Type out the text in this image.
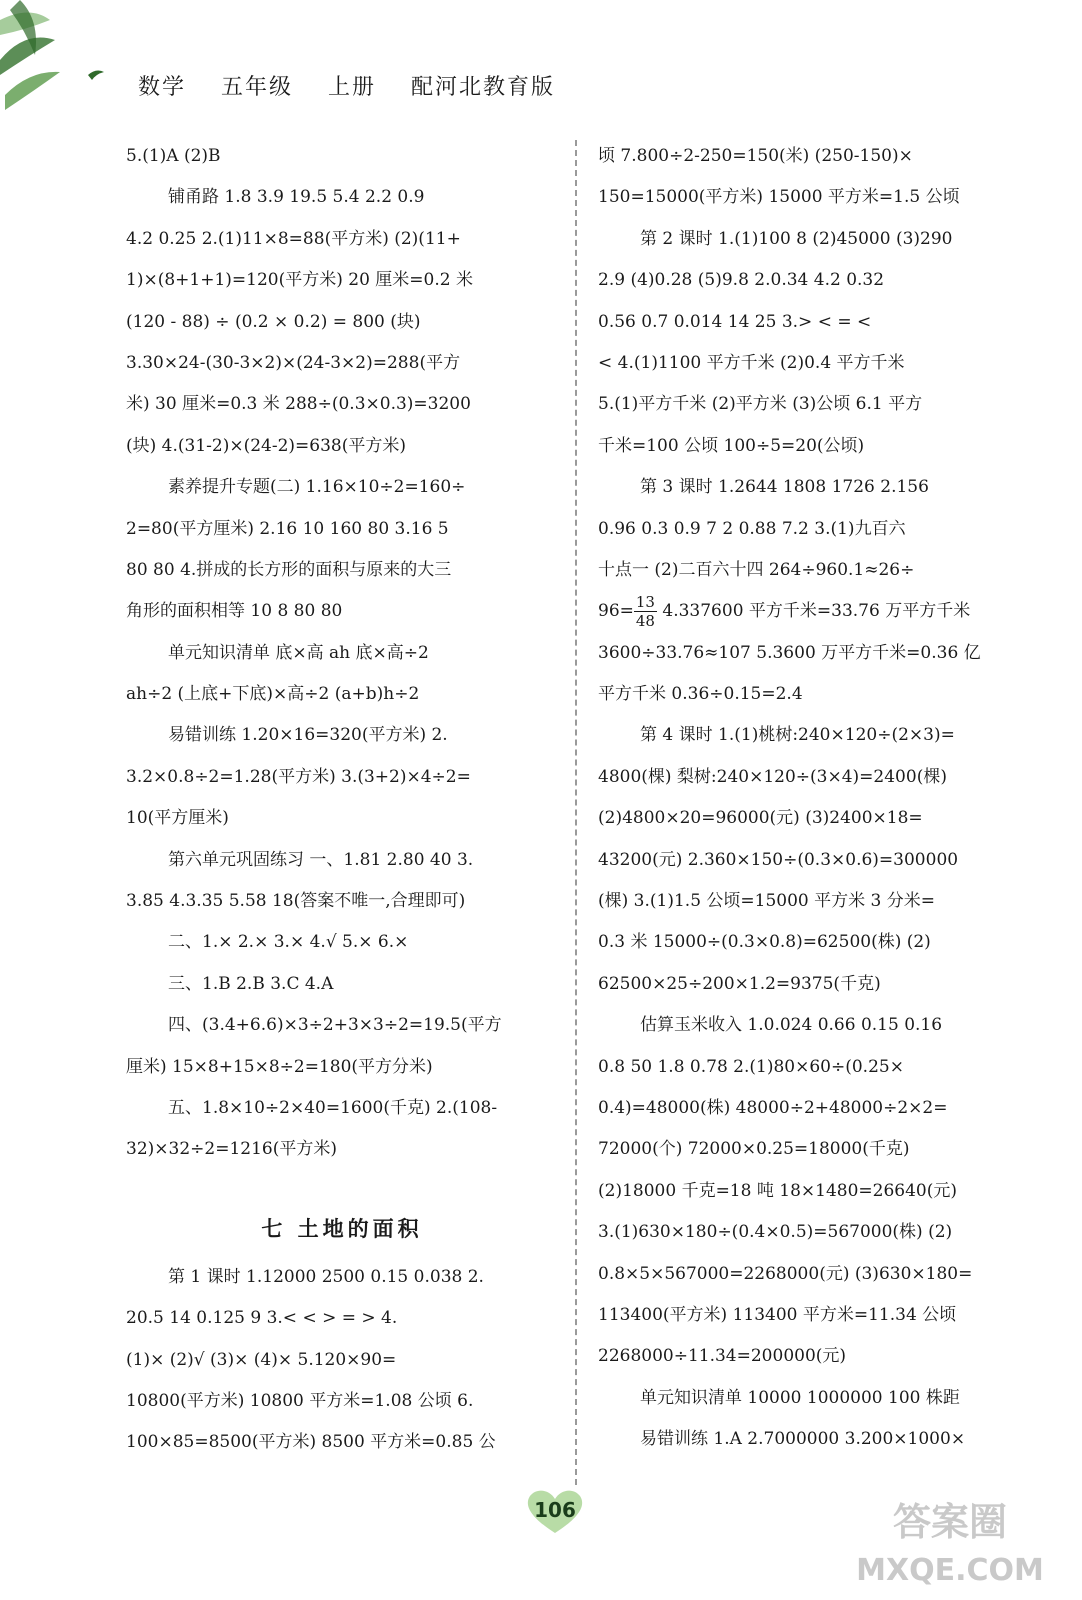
数学 五年级 上册 配河北教育版
5.(1)A (2)B
铺甬路 1.8 3.9 19.5 5.4 2.2 0.9
4.2 0.25 2.(1)11×8=88(平方米) (2)(11+
1)×(8+1+1)=120(平方米) 20 厘米=0.2 米
(120 - 88) ÷ (0.2 × 0.2) = 800 (块)
3.30×24-(30-3×2)×(24-3×2)=288(平方
米) 30 厘米=0.3 米 288÷(0.3×0.3)=3200
(块) 4.(31-2)×(24-2)=638(平方米)
素养提升专题(二) 1.16×10÷2=160÷
2=80(平方厘米) 2.16 10 160 80 3.16 5
80 80 4.拼成的长方形的面积与原来的大三
角形的面积相等 10 8 80 80
单元知识清单 底×高 ah 底×高÷2
ah÷2 (上底+下底)×高÷2 (a+b)h÷2
易错训练 1.20×16=320(平方米) 2.
3.2×0.8÷2=1.28(平方米) 3.(3+2)×4÷2=
10(平方厘米)
第六单元巩固练习 一、1.81 2.80 40 3.
3.85 4.3.35 5.58 18(答案不唯一,合理即可)
二、1.× 2.× 3.× 4.√ 5.× 6.×
三、1.B 2.B 3.C 4.A
四、(3.4+6.6)×3÷2+3×3÷2=19.5(平方
厘米) 15×8+15×8÷2=180(平方分米)
五、1.8×10÷2×40=1600(千克) 2.(108-
32)×32÷2=1216(平方米)
七 土地的面积
第 1 课时 1.12000 2500 0.15 0.038 2.
20.5 14 0.125 9 3.< < > = > 4.
(1)× (2)√ (3)× (4)× 5.120×90=
10800(平方米) 10800 平方米=1.08 公顷 6.
100×85=8500(平方米) 8500 平方米=0.85 公
顷 7.800÷2-250=150(米) (250-150)×
150=15000(平方米) 15000 平方米=1.5 公顷
第 2 课时 1.(1)100 8 (2)45000 (3)290
2.9 (4)0.28 (5)9.8 2.0.34 4.2 0.32
0.56 0.7 0.014 14 25 3.> < = <
< 4.(1)1100 平方千米 (2)0.4 平方千米
5.(1)平方千米 (2)平方米 (3)公顷 6.1 平方
千米=100 公顷 100÷5=20(公顷)
第 3 课时 1.2644 1808 1726 2.156
0.96 0.3 0.9 7 2 0.88 7.2 3.(1)九百六
十点一 (2)二百六十四 264÷960.1≈26÷
$96= \frac{13}{48} 4.337600$ 平方千米=33.76 万平方千米
3600÷33.76≈107 5.3600 万平方千米=0.36 亿
平方千米 0.36÷0.15=2.4
第 4 课时 1.(1)桃树:240×120÷(2×3)=
4800(棵) 梨树:240×120÷(3×4)=2400(棵)
(2)4800×20=96000(元) (3)2400×18=
43200(元) 2.360×150÷(0.3×0.6)=300000
(棵) 3.(1)1.5 公顷=15000 平方米 3 分米=
0.3 米 15000÷(0.3×0.8)=62500(株) (2)
62500×25÷200×1.2=9375(千克)
估算玉米收入 1.0.024 0.66 0.15 0.16
0.8 50 1.8 0.78 2.(1)80×60÷(0.25×
0.4)=48000(株) 48000÷2+48000÷2×2=
72000(个) 72000×0.25=18000(千克)
(2)18000 千克=18 吨 18×1480=26640(元)
3.(1)630×180÷(0.4×0.5)=567000(株) (2)
0.8×5×567000=2268000(元) (3)630×180=
113400(平方米) 113400 平方米=11.34 公顷
2268000÷11.34=200000(元)
单元知识清单 10000 1000000 100 株距
易错训练 1.A 2.7000000 3.200×1000×
106	答案圈
MXQE.COM
